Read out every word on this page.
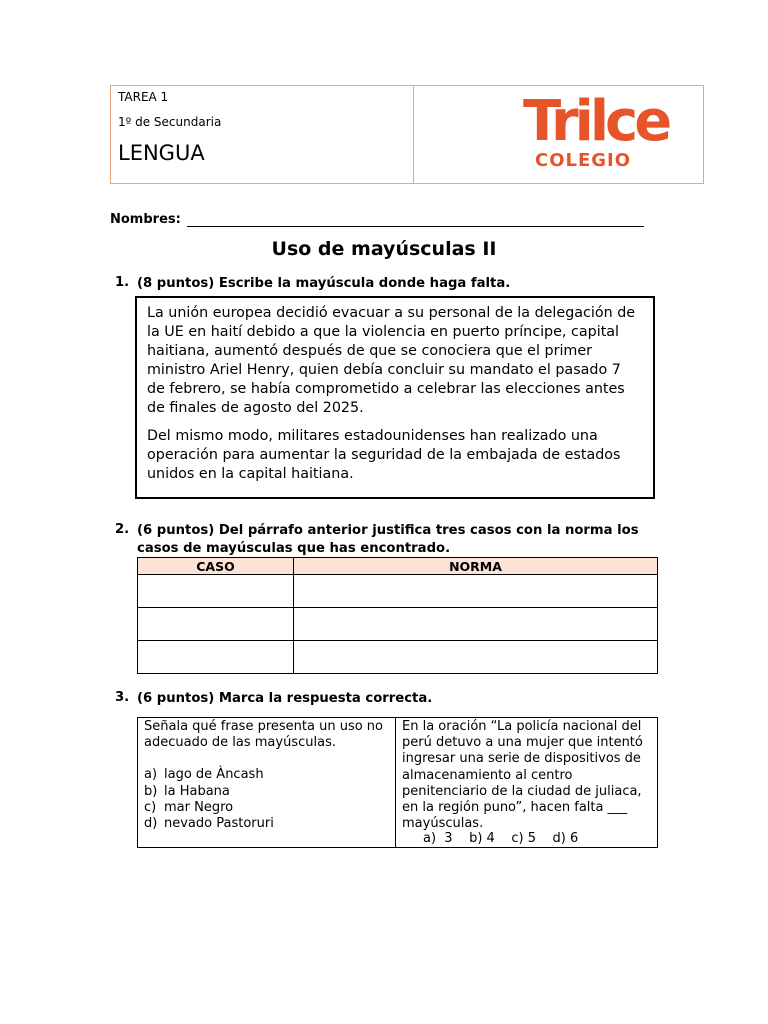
TAREA 1
1º de Secundaria
LENGUA	Trilce
COLEGIO
Nombres:
Uso de mayúsculas II
1. (8 puntos) Escribe la mayúscula donde haga falta.

La unión europea decidió evacuar a su personal de la delegación de la UE en haití debido a que la violencia en puerto príncipe, capital haitiana, aumentó después de que se conociera que el primer ministro Ariel Henry, quien debía concluir su mandato el pasado 7 de febrero, se había comprometido a celebrar las elecciones antes de finales de agosto del 2025.

Del mismo modo, militares estadounidenses han realizado una operación para aumentar la seguridad de la embajada de estados unidos en la capital haitiana.

2. (6 puntos) Del párrafo anterior justifica tres casos con la norma los
casos de mayúsculas que has encontrado.
CASO	NORMA

3. (6 puntos) Marca la respuesta correcta.
Señala qué frase presenta un uso no adecuado de las mayúsculas.
a) lago de Àncash
b) la Habana
c) mar Negro
d) nevado Pastoruri
En la oración “La policía nacional del perú detuvo a una mujer que intentó ingresar una serie de dispositivos de almacenamiento al centro penitenciario de la ciudad de juliaca, en la región puno”, hacen falta ___ mayúsculas.
a)  3    b) 4    c) 5    d) 6
